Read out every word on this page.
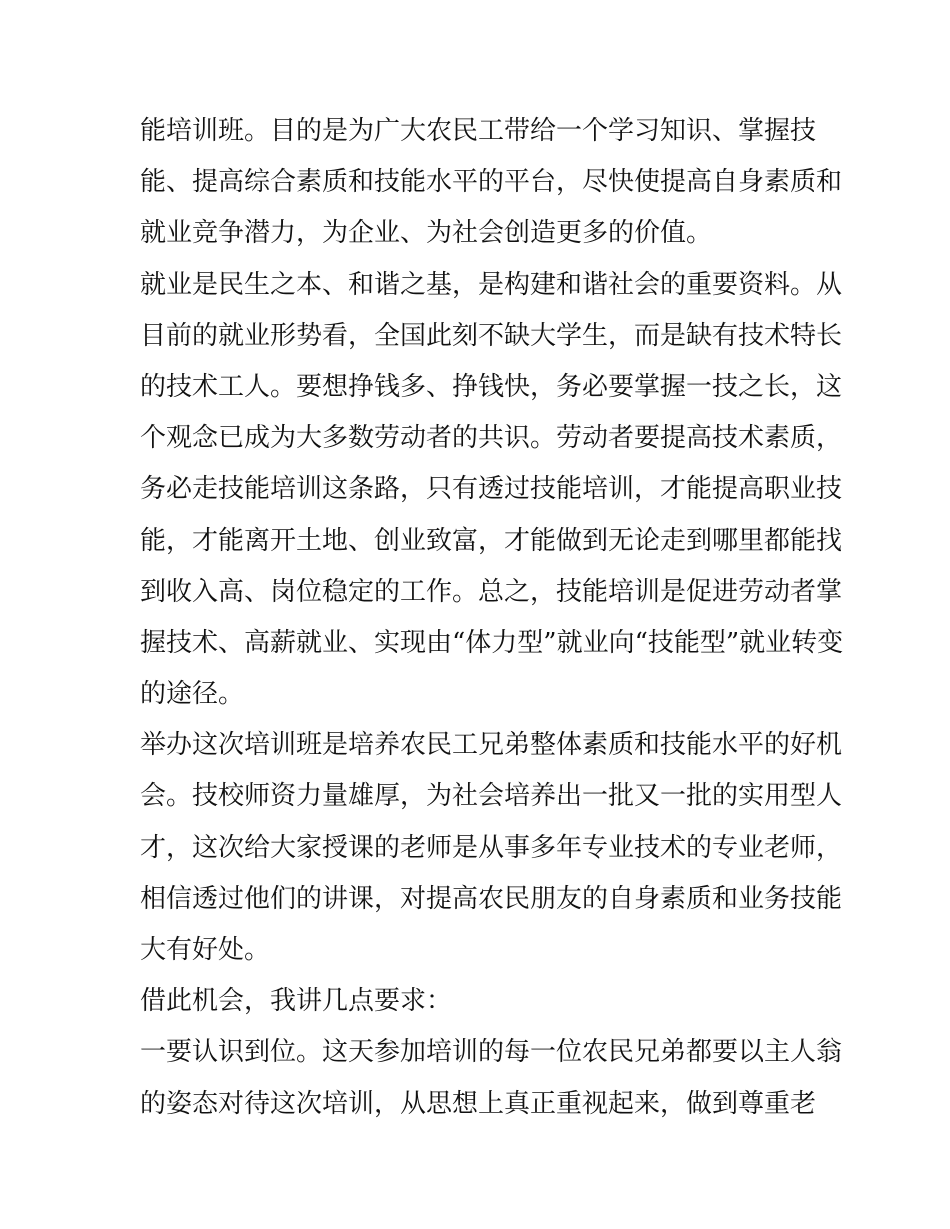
能培训班。目的是为广大农民工带给一个学习知识、掌握技
能、提高综合素质和技能水平的平台，尽快使提高自身素质和
就业竞争潜力，为企业、为社会创造更多的价值。
就业是民生之本、和谐之基，是构建和谐社会的重要资料。从
目前的就业形势看，全国此刻不缺大学生，而是缺有技术特长
的技术工人。要想挣钱多、挣钱快，务必要掌握一技之长，这
个观念已成为大多数劳动者的共识。劳动者要提高技术素质，
务必走技能培训这条路，只有透过技能培训，才能提高职业技
能，才能离开土地、创业致富，才能做到无论走到哪里都能找
到收入高、岗位稳定的工作。总之，技能培训是促进劳动者掌
握技术、高薪就业、实现由“体力型”就业向“技能型”就业转变
的途径。
举办这次培训班是培养农民工兄弟整体素质和技能水平的好机
会。技校师资力量雄厚，为社会培养出一批又一批的实用型人
才，这次给大家授课的老师是从事多年专业技术的专业老师，
相信透过他们的讲课，对提高农民朋友的自身素质和业务技能
大有好处。
借此机会，我讲几点要求：
一要认识到位。这天参加培训的每一位农民兄弟都要以主人翁
的姿态对待这次培训，从思想上真正重视起来，做到尊重老
